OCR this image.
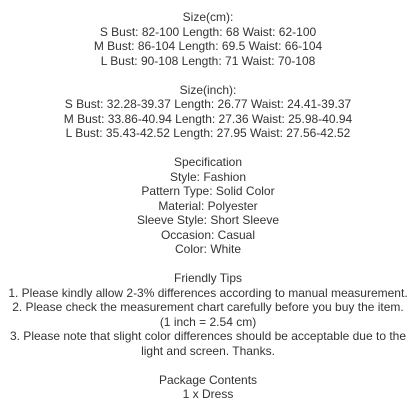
Size(cm):
S Bust: 82-100 Length: 68 Waist: 62-100
M Bust: 86-104 Length: 69.5 Waist: 66-104
L Bust: 90-108 Length: 71 Waist: 70-108
Size(inch):
S Bust: 32.28-39.37 Length: 26.77 Waist: 24.41-39.37
M Bust: 33.86-40.94 Length: 27.36 Waist: 25.98-40.94
L Bust: 35.43-42.52 Length: 27.95 Waist: 27.56-42.52
Specification
Style: Fashion
Pattern Type: Solid Color
Material: Polyester
Sleeve Style: Short Sleeve
Occasion: Casual
Color: White
Friendly Tips
1. Please kindly allow 2-3% differences according to manual measurement.
2. Please check the measurement chart carefully before you buy the item. (1 inch = 2.54 cm)
3. Please note that slight color differences should be acceptable due to the light and screen. Thanks.
Package Contents
1 x Dress
